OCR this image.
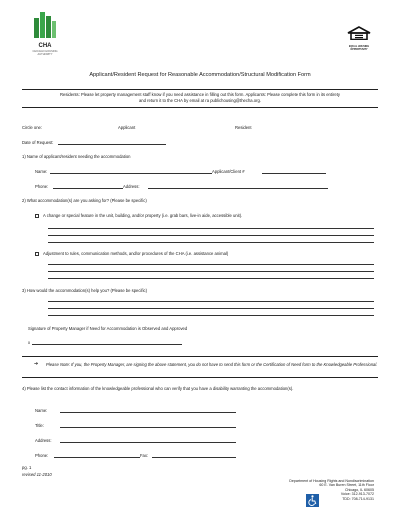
CHA
CHICAGO HOUSING AUTHORITY
EQUAL HOUSING OPPORTUNITY
Applicant/Resident Request for Reasonable Accommodation/Structural Modification Form
Residents: Please let property management staff know if you need assistance in filling out this form. Applicants: Please complete this form in its entirety and return it to the CHA by email at ra publichousing@thecha.org.
Circle one:	Applicant	Resident
Date of Request:
1) Name of applicant/resident needing the accommodation
Name:	Applicant/Client #
Phone:	Address:
2) What accommodation(s) are you asking for? (Please be specific)
A change or special feature in the unit, building, and/or property (i.e. grab bars, live-in aide, accessible unit).
Adjustment to rules, communication methods, and/or procedures of the CHA (i.e. assistance animal)
3) How would the accommodation(s) help you? (Please be specific)
Signature of Property Manager if Need for Accommodation is Observed and Approved
x
➔ Please Note: If you, the Property Manager, are signing the above statement, you do not have to send this form or the Certification of Need form to the Knowledgeable Professional.
4) Please list the contact information of the knowledgeable professional who can verify that you have a disability warranting the accommodation(s).
Name:
Title:
Address:
Phone:	Fax:
pg. 1
revised 11-2010
Department of Housing Rights and Nondiscrimination
60 E. Van Buren Street, 11th Floor
Chicago, IL 60605
Voice: 312-913-7072
TDD: 708-714-9131
